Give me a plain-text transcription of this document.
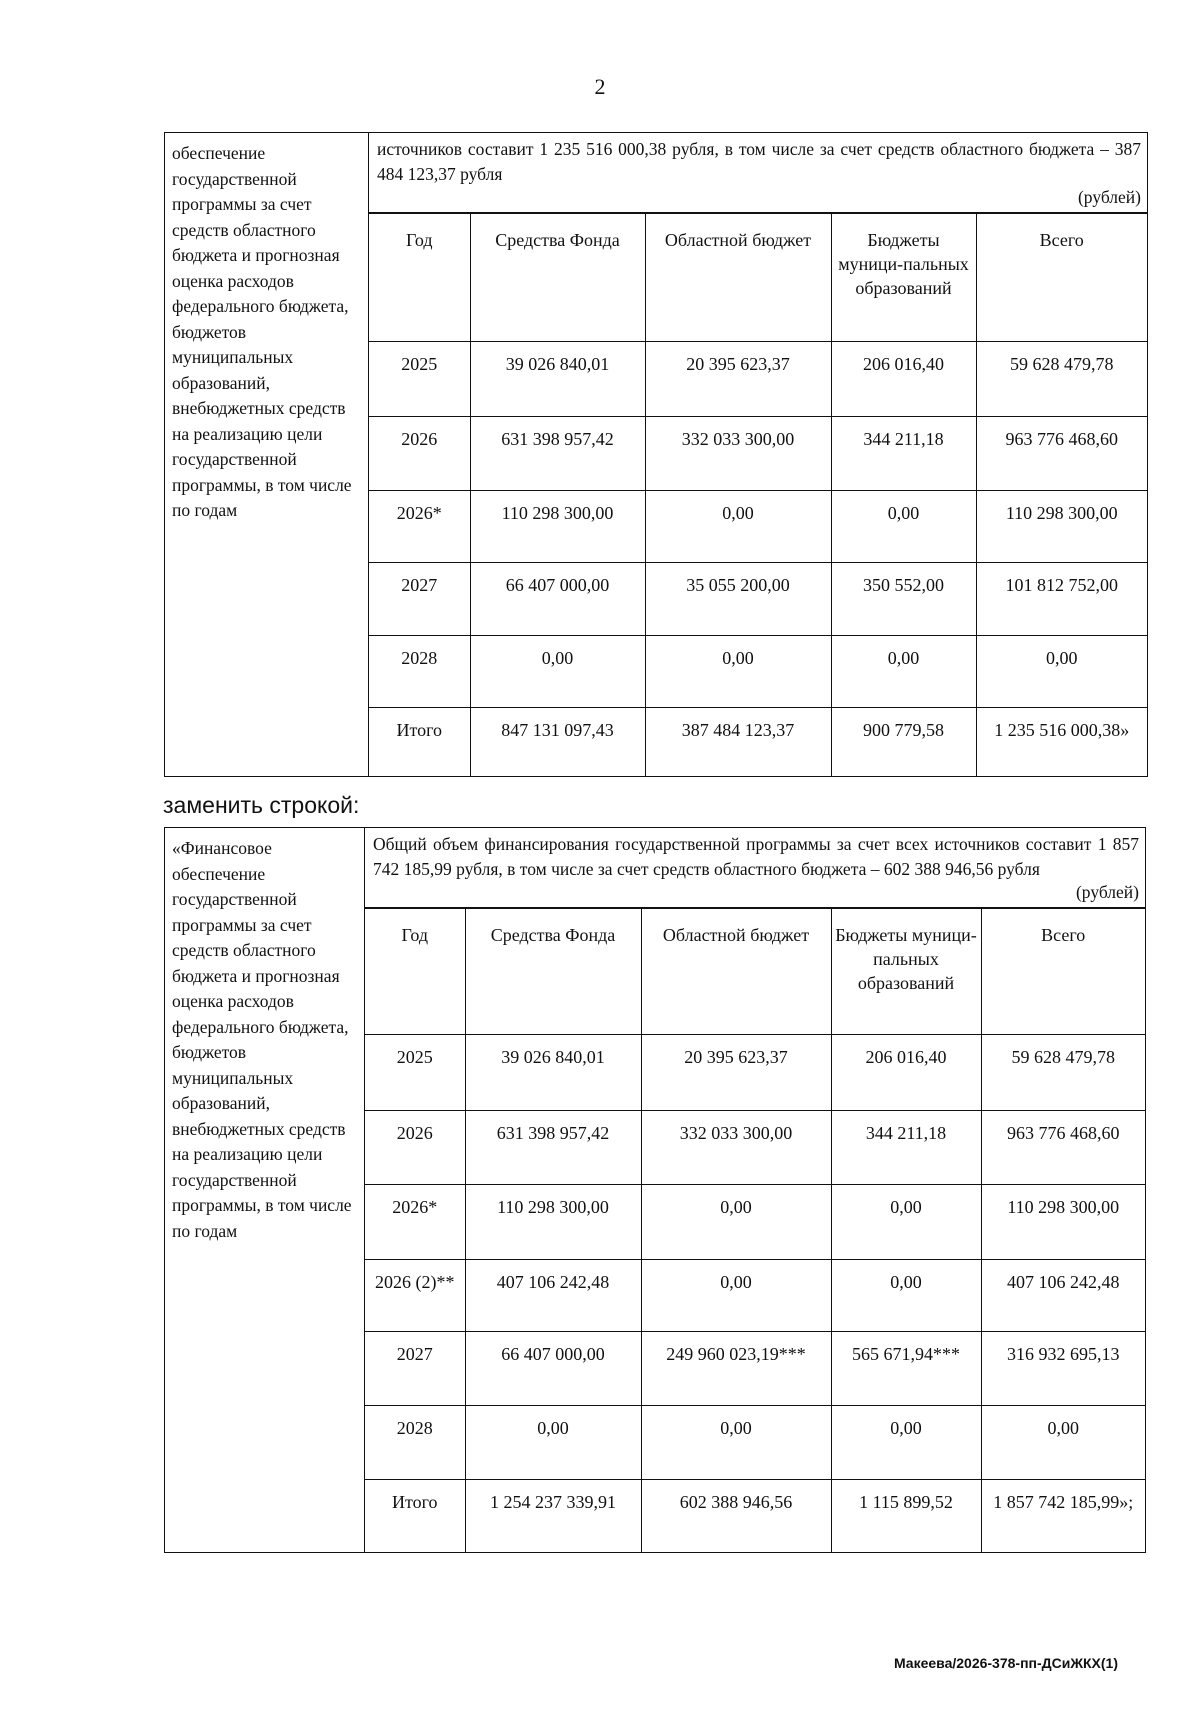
2
обеспечение государственной программы за счет средств областного бюджета и прогнозная оценка расходов федерального бюджета, бюджетов муниципальных образований, внебюджетных средств на реализацию цели государственной программы, в том числе по годам	
источников составит 1 235 516 000,38 рубля, в том числе за счет средств областного бюджета – 387 484 123,37 рубля
(рублей)
Год	Средства Фонда	Областной бюджет	Бюджеты муници-пальных образований	Всего
2025	39 026 840,01	20 395 623,37	206 016,40	59 628 479,78
2026	631 398 957,42	332 033 300,00	344 211,18	963 776 468,60
2026*	110 298 300,00	0,00	0,00	110 298 300,00
2027	66 407 000,00	35 055 200,00	350 552,00	101 812 752,00
2028	0,00	0,00	0,00	0,00
Итого	847 131 097,43	387 484 123,37	900 779,58	1 235 516 000,38»
заменить строкой:
«Финансовое обеспечение государственной программы за счет средств областного бюджета и прогнозная оценка расходов федерального бюджета, бюджетов муниципальных образований, внебюджетных средств на реализацию цели государственной программы, в том числе по годам	
Общий объем финансирования государственной программы за счет всех источников составит 1 857 742 185,99 рубля, в том числе за счет средств областного бюджета – 602 388 946,56 рубля
(рублей)
Год	Средства Фонда	Областной бюджет	Бюджеты муници-пальных образований	Всего
2025	39 026 840,01	20 395 623,37	206 016,40	59 628 479,78
2026	631 398 957,42	332 033 300,00	344 211,18	963 776 468,60
2026*	110 298 300,00	0,00	0,00	110 298 300,00
2026 (2)**	407 106 242,48	0,00	0,00	407 106 242,48
2027	66 407 000,00	249 960 023,19***	565 671,94***	316 932 695,13
2028	0,00	0,00	0,00	0,00
Итого	1 254 237 339,91	602 388 946,56	1 115 899,52	1 857 742 185,99»;
Макеева/2026-378-пп-ДСиЖКХ(1)
